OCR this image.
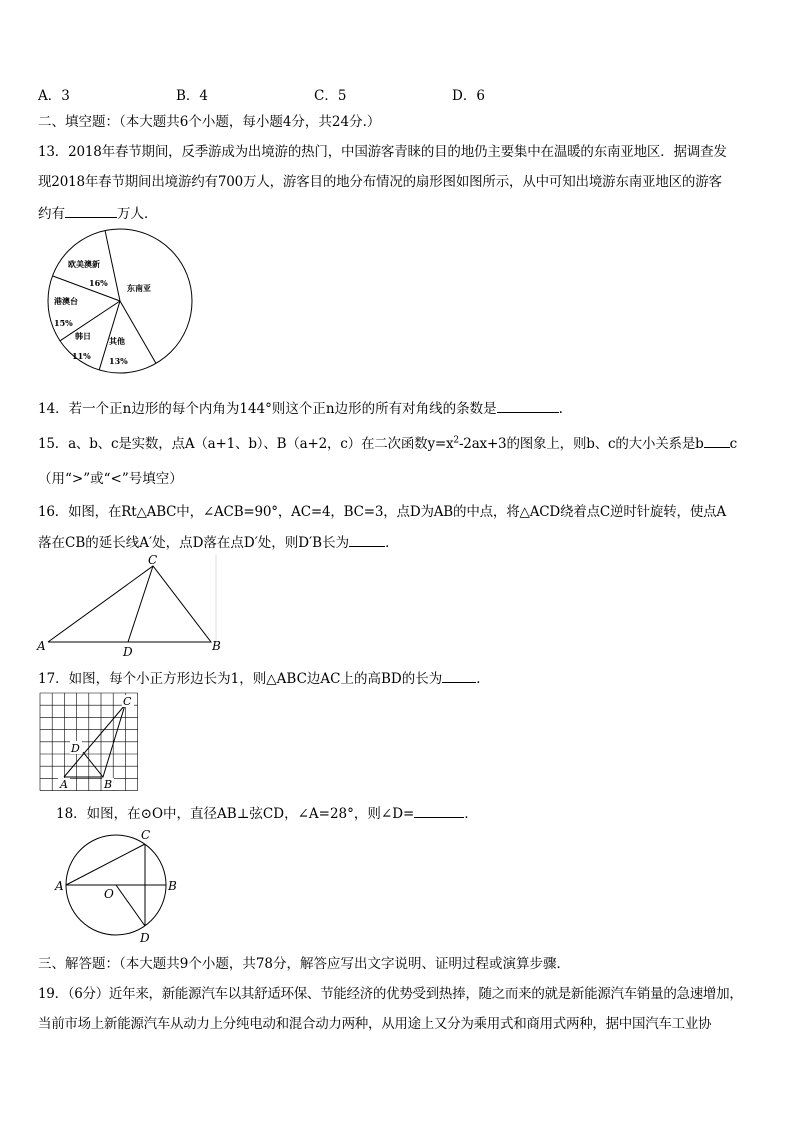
A．3	B．4	C．5	D．6
二、填空题：（本大题共6个小题，每小题4分，共24分.）
13．2018年春节期间，反季游成为出境游的热门，中国游客青睐的目的地仍主要集中在温暖的东南亚地区．据调查发
现2018年春节期间出境游约有700万人，游客目的地分布情况的扇形图如图所示，从中可知出境游东南亚地区的游客
约有	万人．
欧美澳新
16%
港澳台
15%
韩日
11%
其他
13%
东南亚
14．若一个正n边形的每个内角为144°则这个正n边形的所有对角线的条数是	.
15．a、b、c是实数，点A（a+1、b）、B（a+2，c）在二次函数$y=x^2-2ax+3$的图象上，则b、c的大小关系是b c
（用“>”或“<”号填空）
16．如图，在Rt△ABC中，∠ACB=90°，AC=4，BC=3，点D为AB的中点，将△ACD绕着点C逆时针旋转，使点A
落在CB的延长线A′处，点D落在点D′处，则D′B长为	．
C
A	D	B
17．如图，每个小正方形边长为1，则△ABC边AC上的高BD的长为	．
C
D
A	B
18．如图，在⊙O中，直径AB⊥弦CD，∠A=28°，则∠D=	．
C
A	B
O
D
三、解答题：（本大题共9个小题，共78分，解答应写出文字说明、证明过程或演算步骤．
19．（6分）近年来，新能源汽车以其舒适环保、节能经济的优势受到热捧，随之而来的就是新能源汽车销量的急速增加，
当前市场上新能源汽车从动力上分纯电动和混合动力两种，从用途上又分为乘用式和商用式两种，据中国汽车工业协
